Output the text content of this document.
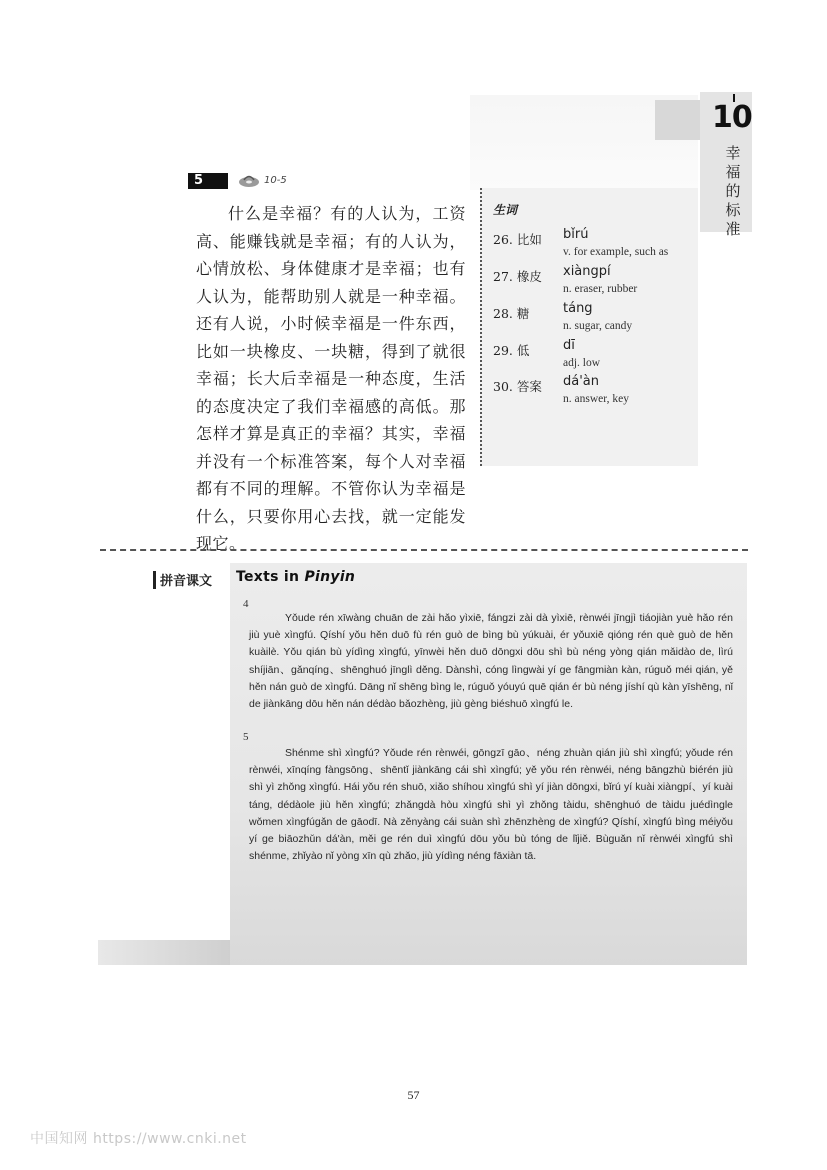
10
幸福的标准
5	10-5
什么是幸福？有的人认为，工资高、能赚钱就是幸福；有的人认为，心情放松、身体健康才是幸福；也有人认为，能帮助别人就是一种幸福。还有人说，小时候幸福是一件东西，比如一块橡皮、一块糖，得到了就很幸福；长大后幸福是一种态度，生活的态度决定了我们幸福感的高低。那怎样才算是真正的幸福？其实，幸福并没有一个标准答案，每个人对幸福都有不同的理解。不管你认为幸福是什么，只要你用心去找，就一定能发现它。
生词
26. 比如 bǐrú
v. for example, such as
27. 橡皮 xiàngpí
n. eraser, rubber
28. 糖	táng
n. sugar, candy
29. 低	dī
adj. low
30. 答案 dá'àn
n. answer, key
拼音课文 Texts in Pinyin
4
Yǒude rén xīwàng chuān de zài hǎo yìxiē, fángzi zài dà yìxiē, rènwéi jīngjì tiáojiàn yuè hǎo rén jiù yuè xìngfú. Qíshí yǒu hěn duō fù rén guò de bìng bù yúkuài, ér yǒuxiē qióng rén què guò de hěn kuàilè. Yǒu qián bù yídìng xìngfú, yīnwèi hěn duō dōngxi dōu shì bù néng yòng qián mǎidào de, lìrú shíjiān、gǎnqíng、shēnghuó jīnglì děng. Dànshì, cóng lìngwài yí ge fāngmiàn kàn, rúguǒ méi qián, yě hěn nán guò de xìngfú. Dāng nǐ shēng bìng le, rúguǒ yóuyú quē qián ér bù néng jíshí qù kàn yīshēng, nǐ de jiànkāng dōu hěn nán dédào bǎozhèng, jiù gèng biéshuō xìngfú le.
5
Shénme shì xìngfú? Yǒude rén rènwéi, gōngzī gāo、néng zhuàn qián jiù shì xìngfú; yǒude rén rènwéi, xīnqíng fàngsōng、shēntǐ jiànkāng cái shì xìngfú; yě yǒu rén rènwéi, néng bāngzhù biérén jiù shì yì zhǒng xìngfú. Hái yǒu rén shuō, xiǎo shíhou xìngfú shì yí jiàn dōngxi, bǐrú yí kuài xiàngpí、yí kuài táng, dédàole jiù hěn xìngfú; zhǎngdà hòu xìngfú shì yì zhǒng tàidu, shēnghuó de tàidu juédìngle wǒmen xìngfúgǎn de gāodī. Nà zěnyàng cái suàn shì zhēnzhèng de xìngfú? Qíshí, xìngfú bìng méiyǒu yí ge biāozhǔn dá'àn, měi ge rén duì xìngfú dōu yǒu bù tóng de lǐjiě. Bùguǎn nǐ rènwéi xìngfú shì shénme, zhǐyào nǐ yòng xīn qù zhǎo, jiù yídìng néng fāxiàn tā.
57
中国知网 https://www.cnki.net
